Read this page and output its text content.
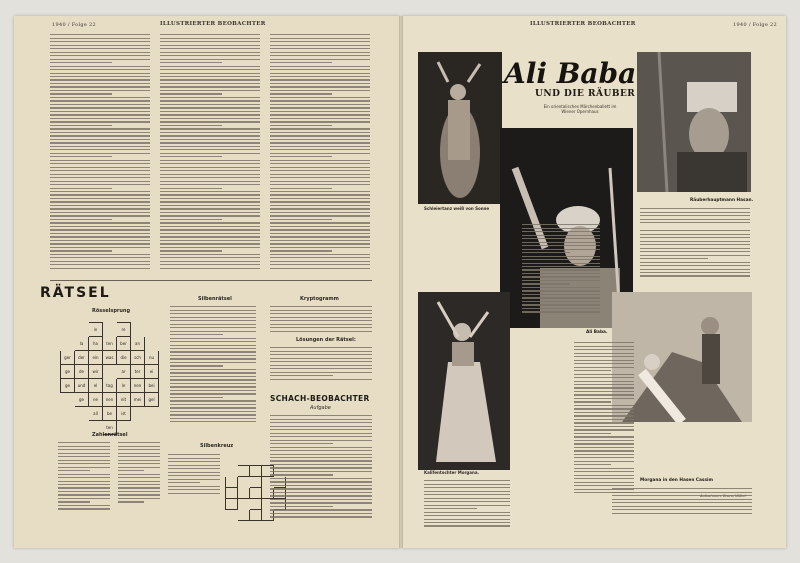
1940 / Folge 22	ILLUSTRIERTER BEOBACHTER
RÄTSEL
Rösselsprung
		in		re			
	la	ha	ten	ber	an		
ger	der	ein	was	die	sch	nu	
ge	de	wir		ar	ter	ei	
ge	und	el	tag	le	nen	bei	
	ge	ne	nen	nit	mei	gel	
		all	be	ist			
			ten				
Zahlenrätsel
Silbenrätsel
Silbenkreuz

Kryptogramm
Lösungen der Rätsel:
SCHACH-BEOBACHTER
Aufgabe
ILLUSTRIERTER BEOBACHTER	1940 / Folge 22
Ali Baba
UND DIE RÄUBER
Ein orientalisches Märchenballett im Wiener Opernhaus
Schleiertanz weiß von Sonne
Räuberhauptmann Hasan.
Ali Baba.
Kalifentochter Morgana.
Morgana in den Hasen Cassim
